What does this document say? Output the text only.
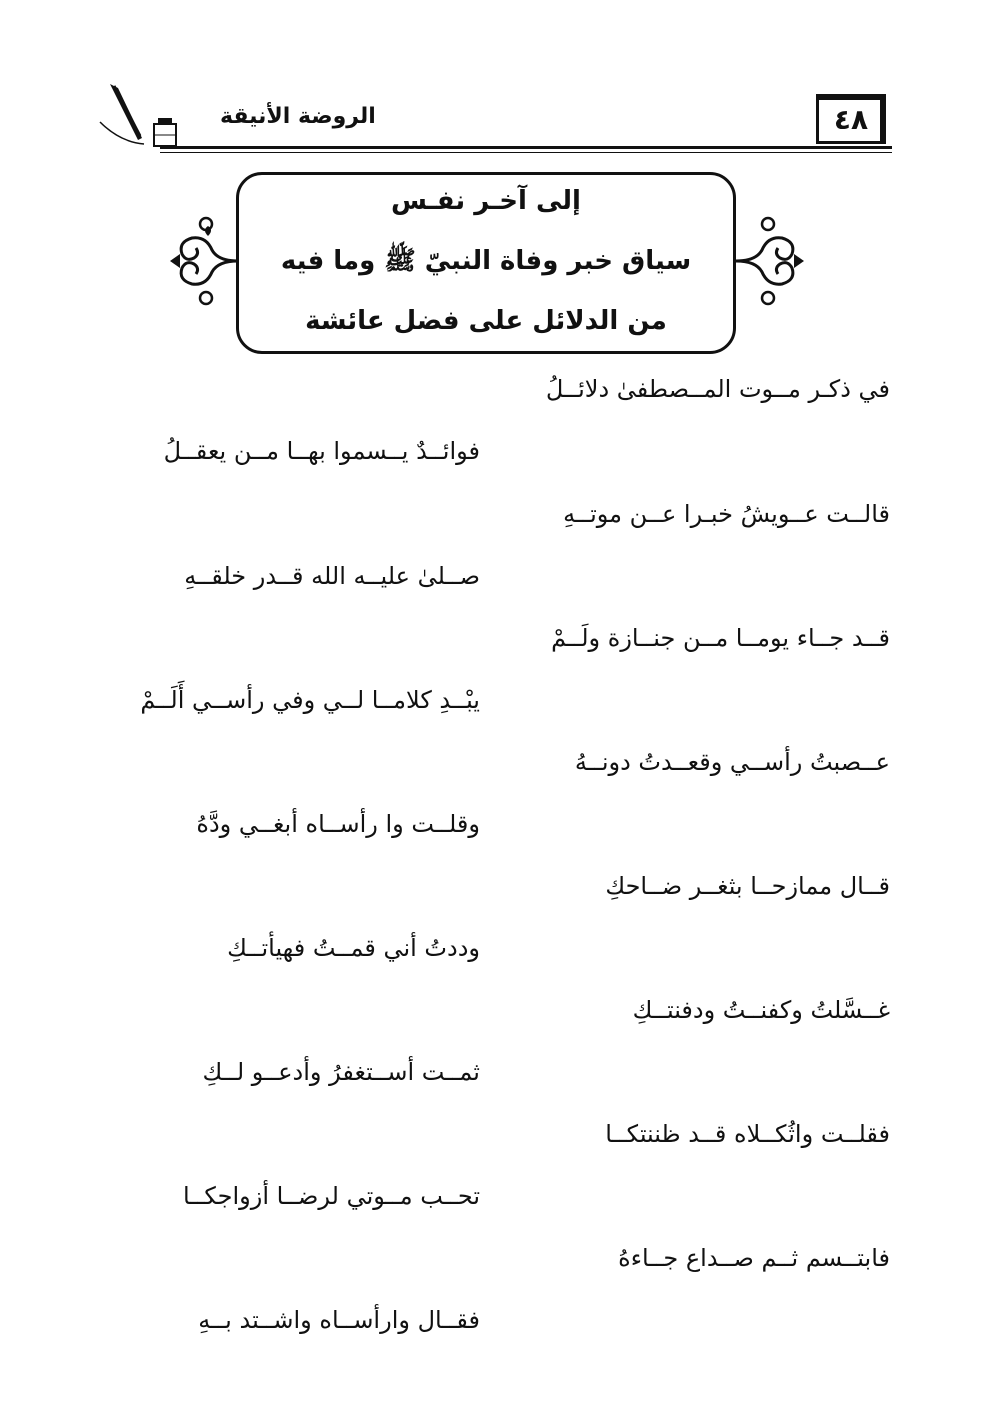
الروضة الأنيقة	٤٨
إلى آخـر نفـس
سياق خبر وفاة النبيّ ﷺ وما فيه
من الدلائل على فضل عائشة
في ذكـر مــوت المــصطفىٰ دلائــلُ
فوائــدٌ يــسموا بهــا مــن يعقــلُ
قالــت عــويشُ خبـرا عــن موتــهِ
صــلىٰ عليــه الله قــدر خلقــهِ
قــد جــاء يومــا مــن جنــازة ولَــمْ
يبْــدِ كلامــا لــي وفي رأســي أَلَــمْ
عــصبتُ رأســي وقعــدتُ دونــهُ
وقلــت وا رأســاه أبغــي ودَّهُ
قــال ممازحــا بثغــر ضــاحكِ
وددتُ أني قمــتُ فهيأتــكِ
غــسَّلتُ وكفنــتُ ودفنتــكِ
ثمــت أســتغفرُ وأدعــو لــكِ
فقلــت واثُكــلاه قــد ظننتكــا
تحــب مــوتي لرضــا أزواجكــا
فابتــسم ثــم صــداع جــاءهُ
فقــال وارأســاه واشــتد بــهِ
